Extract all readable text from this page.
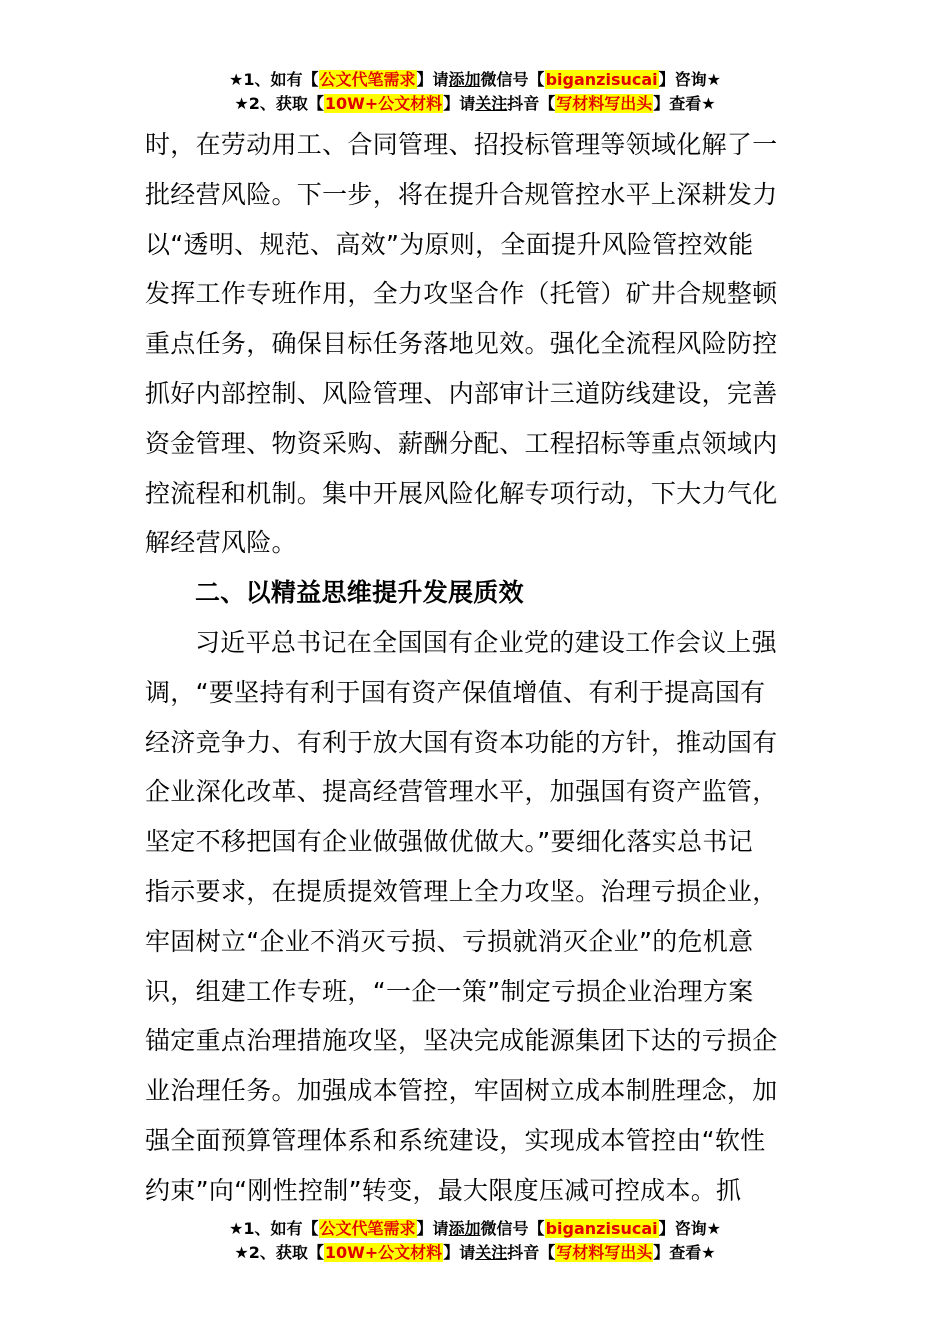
★1、如有【公文代笔需求】请添加微信号【biganzisucai】咨询★
★2、获取【10W+公文材料】请关注抖音【写材料写出头】查看★
时，在劳动用工、合同管理、招投标管理等领域化解了一
批经营风险。下一步，将在提升合规管控水平上深耕发力
以“透明、规范、高效”为原则，全面提升风险管控效能
发挥工作专班作用，全力攻坚合作（托管）矿井合规整顿
重点任务，确保目标任务落地见效。强化全流程风险防控
抓好内部控制、风险管理、内部审计三道防线建设，完善
资金管理、物资采购、薪酬分配、工程招标等重点领域内
控流程和机制。集中开展风险化解专项行动，下大力气化
解经营风险。
二、以精益思维提升发展质效
习近平总书记在全国国有企业党的建设工作会议上强
调，“要坚持有利于国有资产保值增值、有利于提高国有
经济竞争力、有利于放大国有资本功能的方针，推动国有
企业深化改革、提高经营管理水平，加强国有资产监管，
坚定不移把国有企业做强做优做大。”要细化落实总书记
指示要求，在提质提效管理上全力攻坚。治理亏损企业，
牢固树立“企业不消灭亏损、亏损就消灭企业”的危机意
识，组建工作专班，“一企一策”制定亏损企业治理方案
锚定重点治理措施攻坚，坚决完成能源集团下达的亏损企
业治理任务。加强成本管控，牢固树立成本制胜理念，加
强全面预算管理体系和系统建设，实现成本管控由“软性
约束”向“刚性控制”转变，最大限度压减可控成本。抓
★1、如有【公文代笔需求】请添加微信号【biganzisucai】咨询★
★2、获取【10W+公文材料】请关注抖音【写材料写出头】查看★
